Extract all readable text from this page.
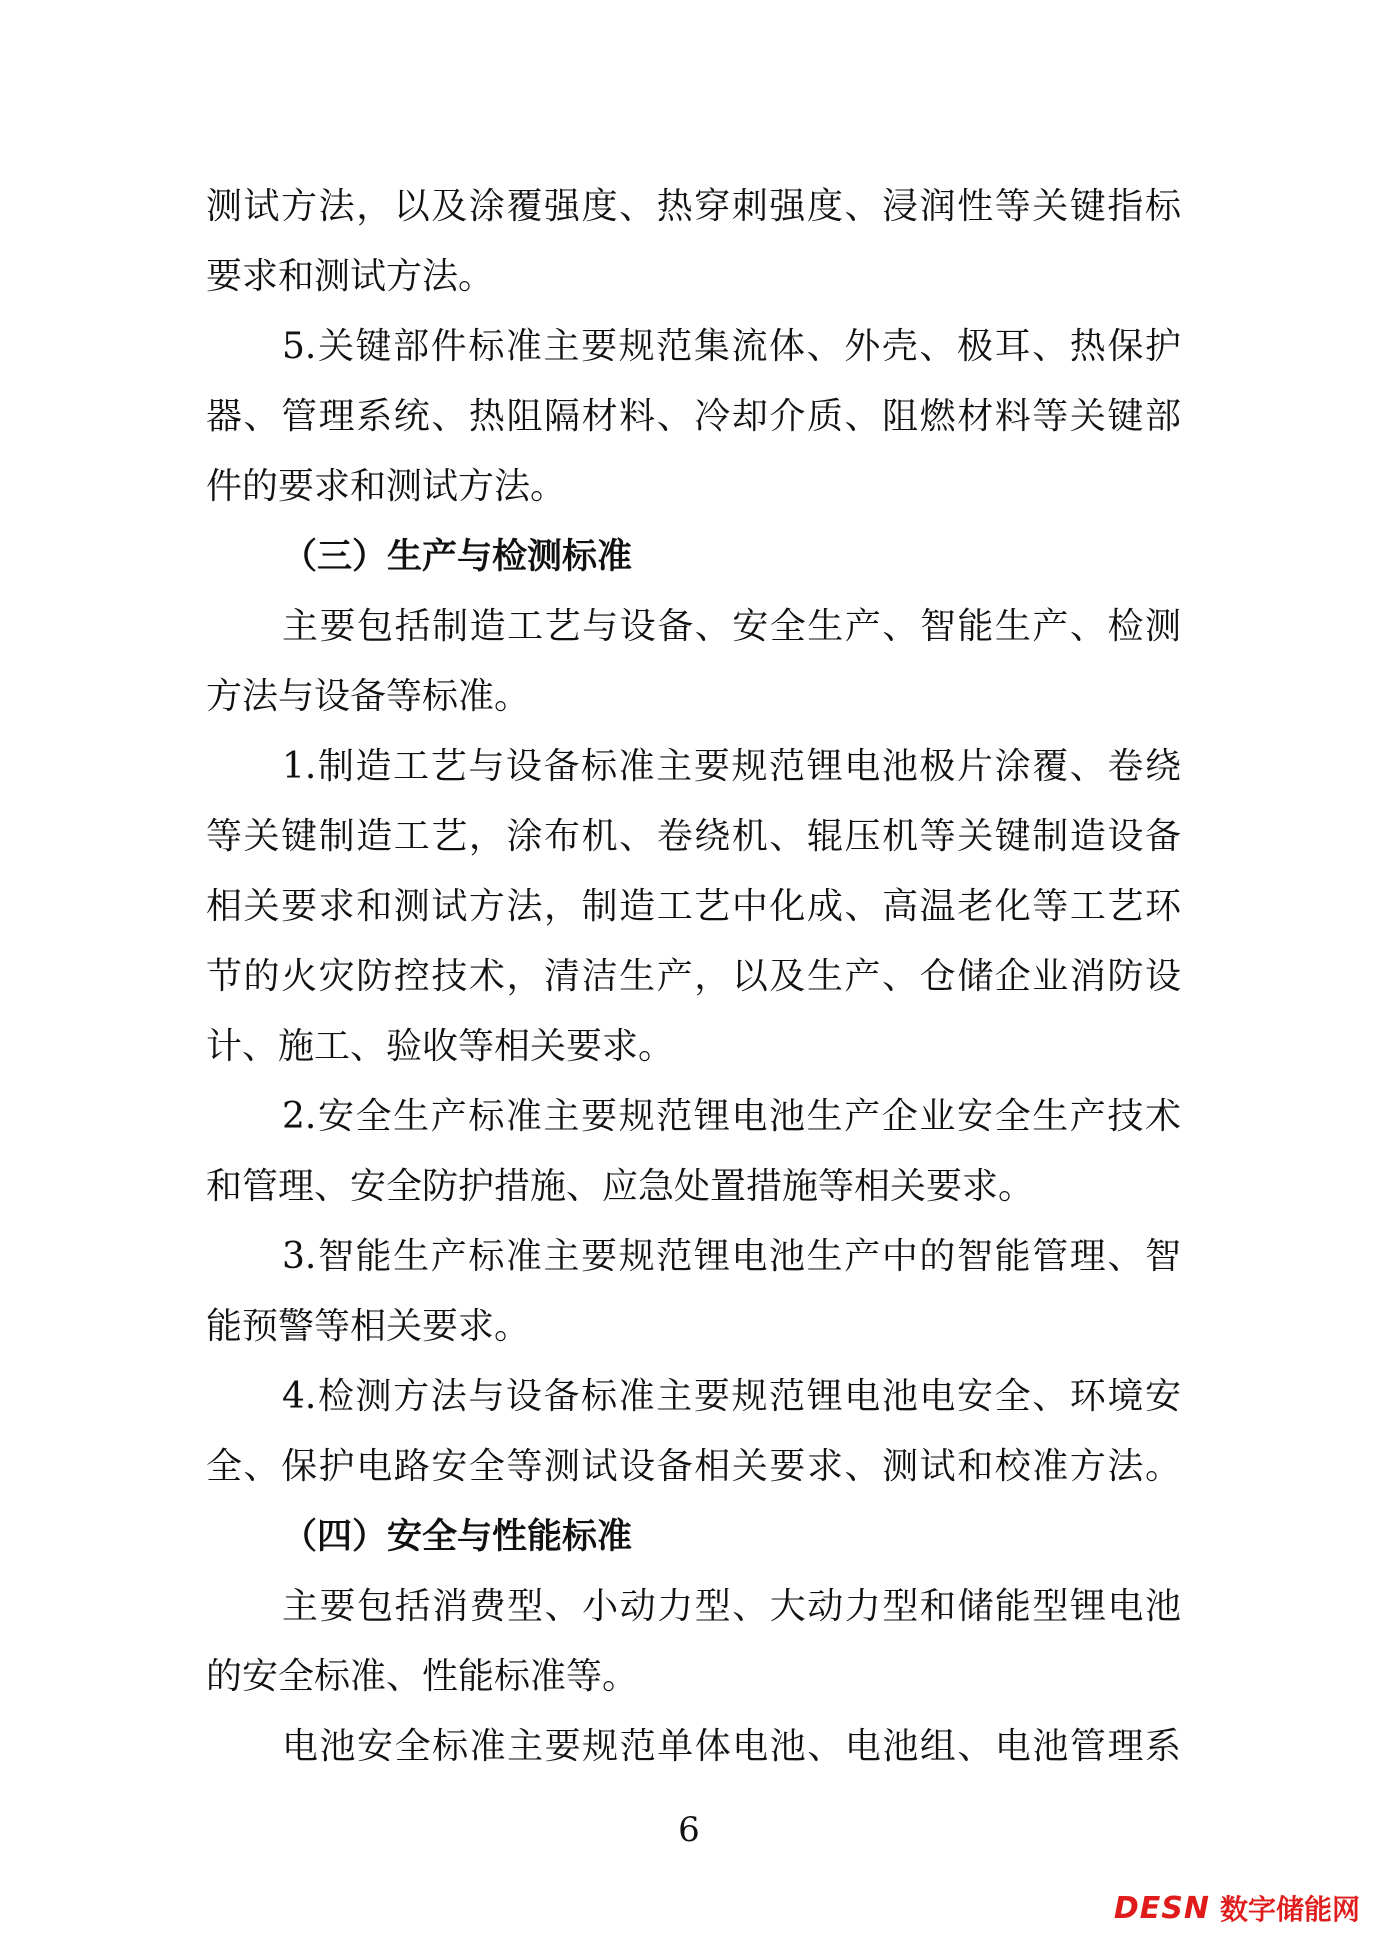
测试方法，以及涂覆强度、热穿刺强度、浸润性等关键指标
要求和测试方法。
5.关键部件标准主要规范集流体、外壳、极耳、热保护
器、管理系统、热阻隔材料、冷却介质、阻燃材料等关键部
件的要求和测试方法。
（三）生产与检测标准
主要包括制造工艺与设备、安全生产、智能生产、检测
方法与设备等标准。
1.制造工艺与设备标准主要规范锂电池极片涂覆、卷绕
等关键制造工艺，涂布机、卷绕机、辊压机等关键制造设备
相关要求和测试方法，制造工艺中化成、高温老化等工艺环
节的火灾防控技术，清洁生产，以及生产、仓储企业消防设
计、施工、验收等相关要求。
2.安全生产标准主要规范锂电池生产企业安全生产技术
和管理、安全防护措施、应急处置措施等相关要求。
3.智能生产标准主要规范锂电池生产中的智能管理、智
能预警等相关要求。
4.检测方法与设备标准主要规范锂电池电安全、环境安
全、保护电路安全等测试设备相关要求、测试和校准方法。
（四）安全与性能标准
主要包括消费型、小动力型、大动力型和储能型锂电池
的安全标准、性能标准等。
电池安全标准主要规范单体电池、电池组、电池管理系
6
DESN 数字储能网
